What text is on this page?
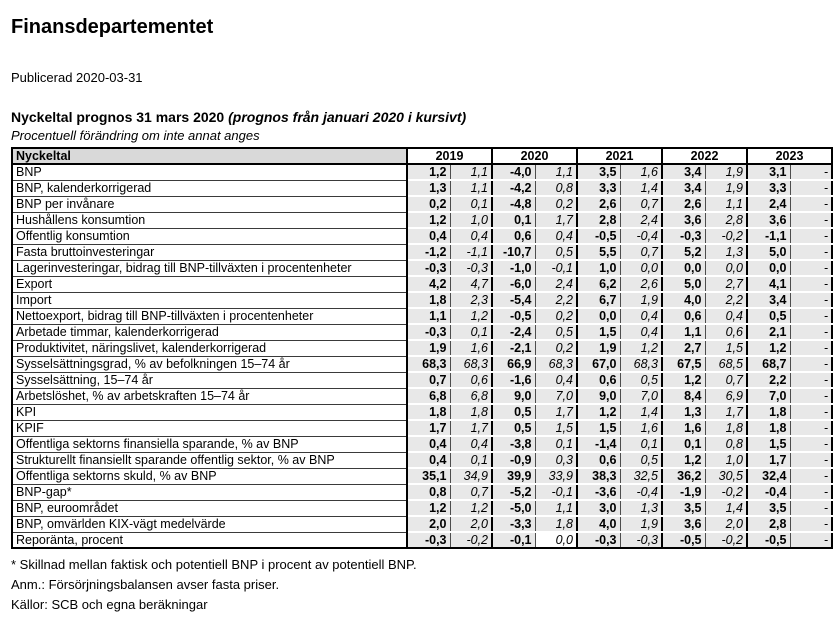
Finansdepartementet
Publicerad 2020-03-31
Nyckeltal prognos 31 mars 2020 (prognos från januari 2020 i kursivt)
Procentuell förändring om inte annat anges
Nyckeltal	2019		2020		2021		2022		2023	
BNP	1,2	1,1	-4,0	1,1	3,5	1,6	3,4	1,9	3,1	-
BNP, kalenderkorrigerad	1,3	1,1	-4,2	0,8	3,3	1,4	3,4	1,9	3,3	-
BNP per invånare	0,2	0,1	-4,8	0,2	2,6	0,7	2,6	1,1	2,4	-
Hushållens konsumtion	1,2	1,0	0,1	1,7	2,8	2,4	3,6	2,8	3,6	-
Offentlig konsumtion	0,4	0,4	0,6	0,4	-0,5	-0,4	-0,3	-0,2	-1,1	-
Fasta bruttoinvesteringar	-1,2	-1,1	-10,7	0,5	5,5	0,7	5,2	1,3	5,0	-
Lagerinvesteringar, bidrag till BNP-tillväxten i procentenheter	-0,3	-0,3	-1,0	-0,1	1,0	0,0	0,0	0,0	0,0	-
Export	4,2	4,7	-6,0	2,4	6,2	2,6	5,0	2,7	4,1	-
Import	1,8	2,3	-5,4	2,2	6,7	1,9	4,0	2,2	3,4	-
Nettoexport, bidrag till BNP-tillväxten i procentenheter	1,1	1,2	-0,5	0,2	0,0	0,4	0,6	0,4	0,5	-
Arbetade timmar, kalenderkorrigerad	-0,3	0,1	-2,4	0,5	1,5	0,4	1,1	0,6	2,1	-
Produktivitet, näringslivet, kalenderkorrigerad	1,9	1,6	-2,1	0,2	1,9	1,2	2,7	1,5	1,2	-
Sysselsättningsgrad, % av befolkningen 15–74 år	68,3	68,3	66,9	68,3	67,0	68,3	67,5	68,5	68,7	-
Sysselsättning, 15–74 år	0,7	0,6	-1,6	0,4	0,6	0,5	1,2	0,7	2,2	-
Arbetslöshet, % av arbetskraften 15–74 år	6,8	6,8	9,0	7,0	9,0	7,0	8,4	6,9	7,0	-
KPI	1,8	1,8	0,5	1,7	1,2	1,4	1,3	1,7	1,8	-
KPIF	1,7	1,7	0,5	1,5	1,5	1,6	1,6	1,8	1,8	-
Offentliga sektorns finansiella sparande, % av BNP	0,4	0,4	-3,8	0,1	-1,4	0,1	0,1	0,8	1,5	-
Strukturellt finansiellt sparande offentlig sektor, % av BNP	0,4	0,1	-0,9	0,3	0,6	0,5	1,2	1,0	1,7	-
Offentliga sektorns skuld, % av BNP	35,1	34,9	39,9	33,9	38,3	32,5	36,2	30,5	32,4	-
BNP-gap*	0,8	0,7	-5,2	-0,1	-3,6	-0,4	-1,9	-0,2	-0,4	-
BNP, euroområdet	1,2	1,2	-5,0	1,1	3,0	1,3	3,5	1,4	3,5	-
BNP, omvärlden KIX-vägt medelvärde	2,0	2,0	-3,3	1,8	4,0	1,9	3,6	2,0	2,8	-
Reporänta, procent	-0,3	-0,2	-0,1	0,0	-0,3	-0,3	-0,5	-0,2	-0,5	-
* Skillnad mellan faktisk och potentiell BNP i procent av potentiell BNP.
Anm.: Försörjningsbalansen avser fasta priser.
Källor: SCB och egna beräkningar
